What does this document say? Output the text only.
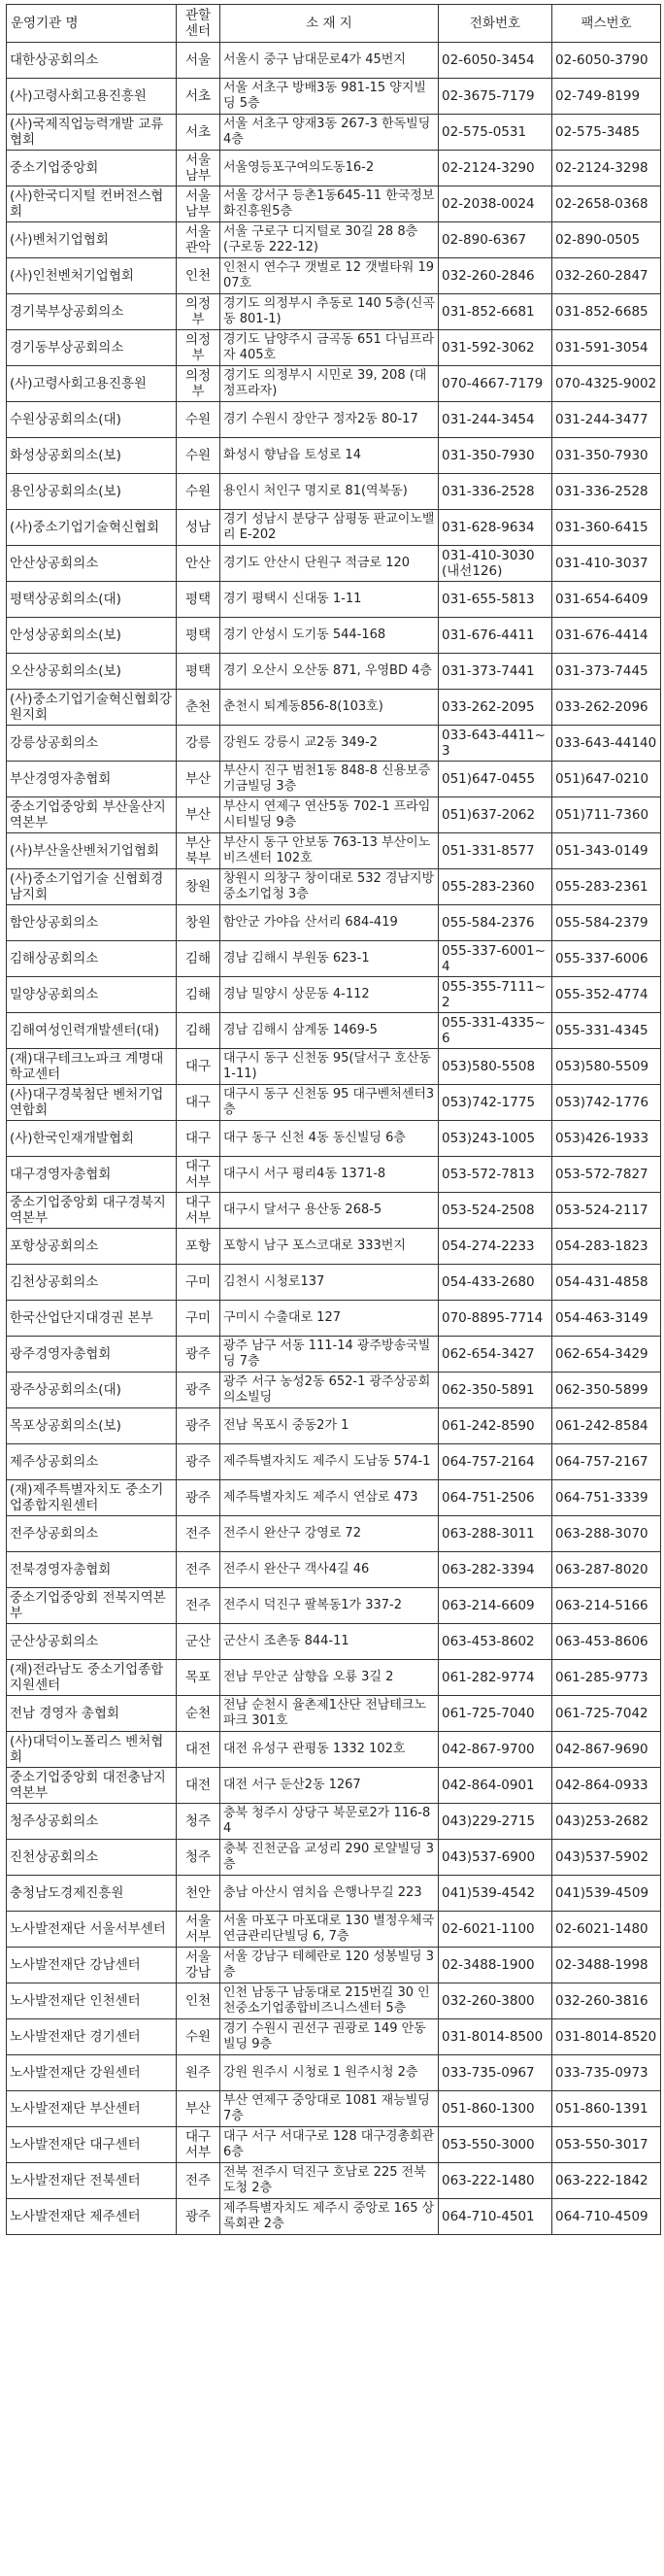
운영기관 명	관할 센터	소 재 지	전화번호	팩스번호
대한상공회의소	서울	서울시 중구 남대문로4가 45번지	02-6050-3454	02-6050-3790
(사)고령사회고용진흥원	서초	서울 서초구 방배3동 981-15 양지빌딩 5층	02-3675-7179	02-749-8199
(사)국제직업능력개발 교류협회	서초	서울 서초구 양재3동 267-3 한독빌딩 4층	02-575-0531	02-575-3485
중소기업중앙회	서울남부	서울영등포구여의도동16-2	02-2124-3290	02-2124-3298
(사)한국디지털 컨버전스협회	서울남부	서울 강서구 등촌1동645-11 한국정보화진흥원5층	02-2038-0024	02-2658-0368
(사)벤처기업협회	서울관악	서울 구로구 디지털로 30길 28 8층 (구로동 222-12)	02-890-6367	02-890-0505
(사)인천벤처기업협회	인천	인천시 연수구 갯벌로 12 갯벌타워 1907호	032-260-2846	032-260-2847
경기북부상공회의소	의정부	경기도 의정부시 추동로 140 5층(신곡동 801-1)	031-852-6681	031-852-6685
경기동부상공회의소	의정부	경기도 남양주시 금곡동 651 다님프라자 405호	031-592-3062	031-591-3054
(사)고령사회고용진흥원	의정부	경기도 의정부시 시민로 39, 208 (대정프라자)	070-4667-7179	070-4325-9002
수원상공회의소(대)	수원	경기 수원시 장안구 정자2동 80-17	031-244-3454	031-244-3477
화성상공회의소(보)	수원	화성시 향남읍 토성로 14	031-350-7930	031-350-7930
용인상공회의소(보)	수원	용인시 처인구 명지로 81(역북동)	031-336-2528	031-336-2528
(사)중소기업기술혁신협회	성남	경기 성남시 분당구 삼평동 판교이노밸리 E-202	031-628-9634	031-360-6415
안산상공회의소	안산	경기도 안산시 단원구 적금로 120	031-410-3030 (내선126)	031-410-3037
평택상공회의소(대)	평택	경기 평택시 신대동 1-11	031-655-5813	031-654-6409
안성상공회의소(보)	평택	경기 안성시 도기동 544-168	031-676-4411	031-676-4414
오산상공회의소(보)	평택	경기 오산시 오산동 871, 우영BD 4층	031-373-7441	031-373-7445
(사)중소기업기술혁신협회강원지회	춘천	춘천시 퇴계동856-8(103호)	033-262-2095	033-262-2096
강릉상공회의소	강릉	강원도 강릉시 교2동 349-2	033-643-4411~3	033-643-44140
부산경영자총협회	부산	부산시 진구 범천1동 848-8 신용보증기금빌딩 3층	051)647-0455	051)647-0210
중소기업중앙회 부산울산지역본부	부산	부산시 연제구 연산5동 702-1 프라임시티빌딩 9층	051)637-2062	051)711-7360
(사)부산울산벤처기업협회	부산북부	부산시 동구 안보동 763-13 부산이노비즈센터 102호	051-331-8577	051-343-0149
(사)중소기업기술 신협회경남지회	창원	창원시 의창구 창이대로 532 경남지방중소기업청 3층	055-283-2360	055-283-2361
함안상공회의소	창원	함안군 가야읍 산서리 684-419	055-584-2376	055-584-2379
김해상공회의소	김해	경남 김해시 부원동 623-1	055-337-6001~4	055-337-6006
밀양상공회의소	김해	경남 밀양시 상문동 4-112	055-355-7111~2	055-352-4774
김해여성인력개발센터(대)	김해	경남 김해시 삼계동 1469-5	055-331-4335~6	055-331-4345
(재)대구테크노파크 계명대학교센터	대구	대구시 동구 신천동 95(달서구 호산동 1-11)	053)580-5508	053)580-5509
(사)대구경북첨단 벤처기업연합회	대구	대구시 동구 신천동 95 대구벤처센터3층	053)742-1775	053)742-1776
(사)한국인재개발협회	대구	대구 동구 신천 4동 동신빌딩 6층	053)243-1005	053)426-1933
대구경영자총협회	대구서부	대구시 서구 평리4동 1371-8	053-572-7813	053-572-7827
중소기업중앙회 대구경북지역본부	대구서부	대구시 달서구 용산동 268-5	053-524-2508	053-524-2117
포항상공회의소	포항	포항시 남구 포스코대로 333번지	054-274-2233	054-283-1823
김천상공회의소	구미	김천시 시청로137	054-433-2680	054-431-4858
한국산업단지대경권 본부	구미	구미시 수출대로 127	070-8895-7714	054-463-3149
광주경영자총협회	광주	광주 남구 서동 111-14 광주방송국빌딩 7층	062-654-3427	062-654-3429
광주상공회의소(대)	광주	광주 서구 농성2동 652-1 광주상공회의소빌딩	062-350-5891	062-350-5899
목포상공회의소(보)	광주	전남 목포시 중동2가 1	061-242-8590	061-242-8584
제주상공회의소	광주	제주특별자치도 제주시 도남동 574-1	064-757-2164	064-757-2167
(재)제주특별자치도 중소기업종합지원센터	광주	제주특별자치도 제주시 연삼로 473	064-751-2506	064-751-3339
전주상공회의소	전주	전주시 완산구 강영로 72	063-288-3011	063-288-3070
전북경영자총협회	전주	전주시 완산구 객사4길 46	063-282-3394	063-287-8020
중소기업중앙회 전북지역본부	전주	전주시 덕진구 팔복동1가 337-2	063-214-6609	063-214-5166
군산상공회의소	군산	군산시 조촌동 844-11	063-453-8602	063-453-8606
(재)전라남도 중소기업종합지원센터	목포	전남 무안군 삼향읍 오룡 3길 2	061-282-9774	061-285-9773
전남 경영자 총협회	순천	전남 순천시 율촌제1산단 전남테크노파크 301호	061-725-7040	061-725-7042
(사)대덕이노폴리스 벤처협회	대전	대전 유성구 관평동 1332 102호	042-867-9700	042-867-9690
중소기업중앙회 대전충남지역본부	대전	대전 서구 둔산2동 1267	042-864-0901	042-864-0933
청주상공회의소	청주	충북 청주시 상당구 북문로2가 116-84	043)229-2715	043)253-2682
진천상공회의소	청주	충북 진천군읍 교성리 290 로얄빌딩 3층	043)537-6900	043)537-5902
충청남도경제진흥원	천안	충남 아산시 염치읍 은행나무길 223	041)539-4542	041)539-4509
노사발전재단 서울서부센터	서울서부	서울 마포구 마포대로 130 별정우체국연금관리단빌딩 6, 7층	02-6021-1100	02-6021-1480
노사발전재단 강남센터	서울강남	서울 강남구 테헤란로 120 성봉빌딩 3층	02-3488-1900	02-3488-1998
노사발전재단 인천센터	인천	인천 남동구 남동대로 215번길 30 인천중소기업종합비즈니스센터 5층	032-260-3800	032-260-3816
노사발전재단 경기센터	수원	경기 수원시 권선구 권광로 149 안동빌딩 9층	031-8014-8500	031-8014-8520
노사발전재단 강원센터	원주	강원 원주시 시청로 1 원주시청 2층	033-735-0967	033-735-0973
노사발전재단 부산센터	부산	부산 연제구 중앙대로 1081 재능빌딩 7층	051-860-1300	051-860-1391
노사발전재단 대구센터	대구서부	대구 서구 서대구로 128 대구경총회관 6층	053-550-3000	053-550-3017
노사발전재단 전북센터	전주	전북 전주시 덕진구 호남로 225 전북도청 2층	063-222-1480	063-222-1842
노사발전재단 제주센터	광주	제주특별자치도 제주시 중앙로 165 상록회관 2층	064-710-4501	064-710-4509
